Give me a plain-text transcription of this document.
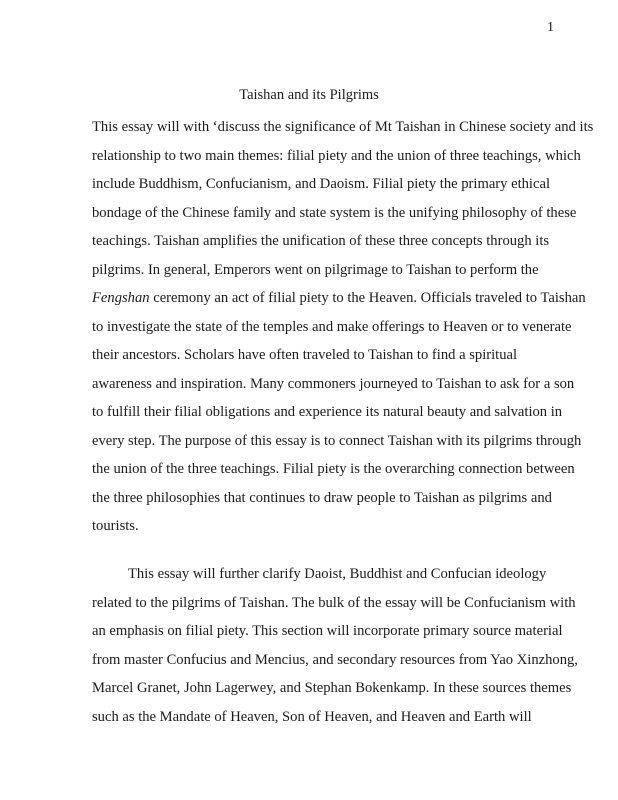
1
Taishan and its Pilgrims
This essay will with ‘discuss the significance of Mt Taishan in Chinese society and its
relationship to two main themes: filial piety and the union of three teachings, which
include Buddhism, Confucianism, and Daoism. Filial piety the primary ethical
bondage of the Chinese family and state system is the unifying philosophy of these
teachings. Taishan amplifies the unification of these three concepts through its
pilgrims. In general, Emperors went on pilgrimage to Taishan to perform the
Fengshan ceremony an act of filial piety to the Heaven. Officials traveled to Taishan
to investigate the state of the temples and make offerings to Heaven or to venerate
their ancestors. Scholars have often traveled to Taishan to find a spiritual
awareness and inspiration. Many commoners journeyed to Taishan to ask for a son
to fulfill their filial obligations and experience its natural beauty and salvation in
every step. The purpose of this essay is to connect Taishan with its pilgrims through
the union of the three teachings. Filial piety is the overarching connection between
the three philosophies that continues to draw people to Taishan as pilgrims and
tourists.
This essay will further clarify Daoist, Buddhist and Confucian ideology
related to the pilgrims of Taishan. The bulk of the essay will be Confucianism with
an emphasis on filial piety. This section will incorporate primary source material
from master Confucius and Mencius, and secondary resources from Yao Xinzhong,
Marcel Granet, John Lagerwey, and Stephan Bokenkamp. In these sources themes
such as the Mandate of Heaven, Son of Heaven, and Heaven and Earth will
